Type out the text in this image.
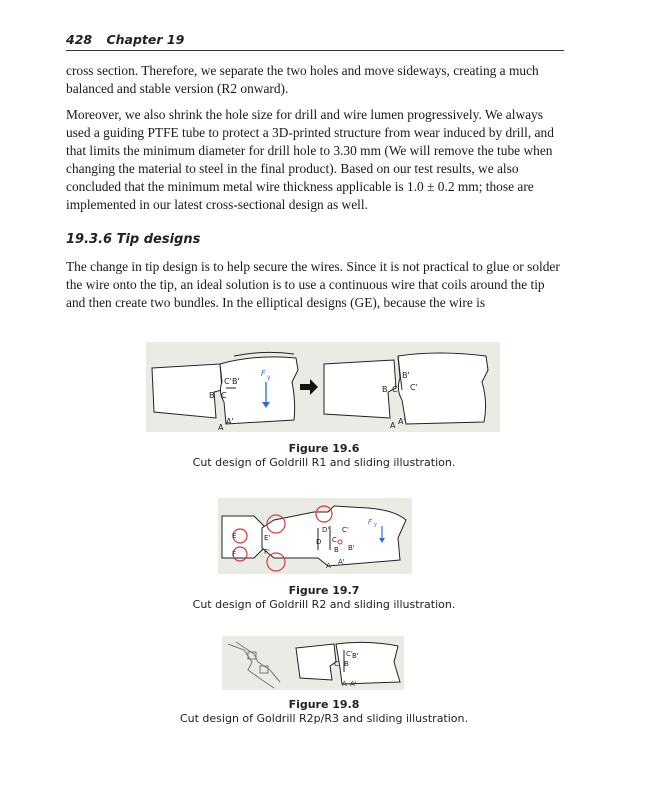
428 Chapter 19

cross section. Therefore, we separate the two holes and move sideways, creating a much balanced and stable version (R2 onward).

Moreover, we also shrink the hole size for drill and wire lumen progressively. We always used a guiding PTFE tube to protect a 3D-printed structure from wear induced by drill, and that limits the minimum diameter for drill hole to 3.30 mm (We will remove the tube when changing the material to steel in the final product). Based on our test results, we also concluded that the minimum metal wire thickness applicable is 1.0 ± 0.2 mm; those are implemented in our latest cross-sectional design as well.

19.3.6 Tip designs

The change in tip design is to help secure the wires. Since it is not practical to glue or solder the wire onto the tip, an ideal solution is to use a continuous wire that coils around the tip and then create two bundles. In the elliptical designs (GE), because the wire is

F y
C' B'
B C
A
A'
B'
C'
B C
A A'
Figure 19.6
Cut design of Goldrill R1 and sliding illustration.
F y
E	E'
F	F'
D
D'
C
C'
B B'
A A'
Figure 19.7
Cut design of Goldrill R2 and sliding illustration.
C' B'
C B
A A'
Figure 19.8
Cut design of Goldrill R2p/R3 and sliding illustration.
